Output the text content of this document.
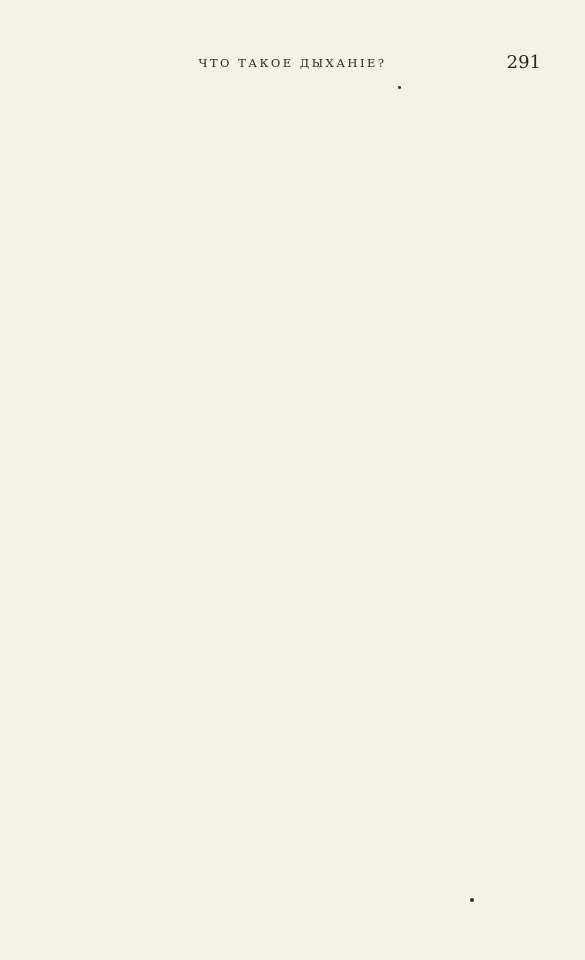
ЧТО ТАКОЕ ДЫХАНІЕ?	291
